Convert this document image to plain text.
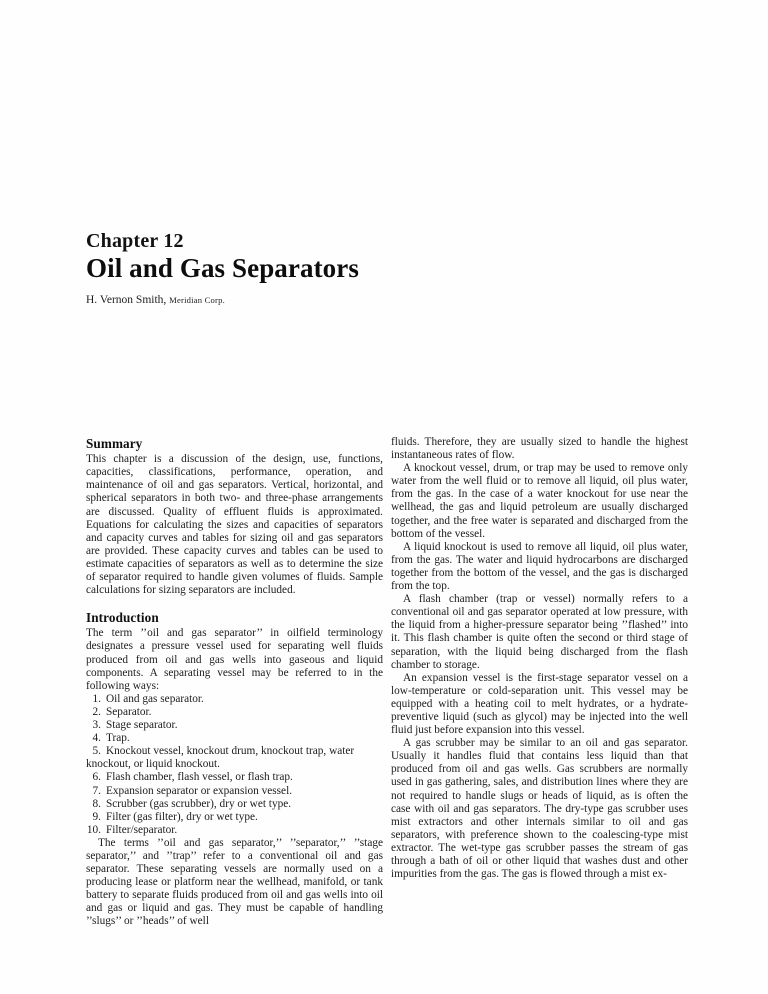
Chapter 12
Oil and Gas Separators
H. Vernon Smith, Meridian Corp.
Summary

This chapter is a discussion of the design, use, functions, capacities, classifications, performance, operation, and maintenance of oil and gas separators. Vertical, horizontal, and spherical separators in both two- and three-phase arrangements are discussed. Quality of effluent fluids is approximated. Equations for calculating the sizes and capacities of separators and capacity curves and tables for sizing oil and gas separators are provided. These capacity curves and tables can be used to estimate capacities of separators as well as to determine the size of separator required to handle given volumes of fluids. Sample calculations for sizing separators are included.

Introduction

The term ’’oil and gas separator’’ in oilfield terminology designates a pressure vessel used for separating well fluids produced from oil and gas wells into gaseous and liquid components. A separating vessel may be referred to in the following ways:

1. Oil and gas separator.
2. Separator.
3. Stage separator.
4. Trap.
5. Knockout vessel, knockout drum, knockout trap, water knockout, or liquid knockout.
6. Flash chamber, flash vessel, or flash trap.
7. Expansion separator or expansion vessel.
8. Scrubber (gas scrubber), dry or wet type.
9. Filter (gas filter), dry or wet type.
10. Filter/separator.

The terms ’’oil and gas separator,’’ ’’separator,’’ ’’stage separator,’’ and ’’trap’’ refer to a conventional oil and gas separator. These separating vessels are normally used on a producing lease or platform near the wellhead, manifold, or tank battery to separate fluids produced from oil and gas wells into oil and gas or liquid and gas. They must be capable of handling ’’slugs’’ or ’’heads’’ of well

fluids. Therefore, they are usually sized to handle the highest instantaneous rates of flow.

A knockout vessel, drum, or trap may be used to remove only water from the well fluid or to remove all liquid, oil plus water, from the gas. In the case of a water knockout for use near the wellhead, the gas and liquid petroleum are usually discharged together, and the free water is separated and discharged from the bottom of the vessel.

A liquid knockout is used to remove all liquid, oil plus water, from the gas. The water and liquid hydrocarbons are discharged together from the bottom of the vessel, and the gas is discharged from the top.

A flash chamber (trap or vessel) normally refers to a conventional oil and gas separator operated at low pressure, with the liquid from a higher-pressure separator being ’’flashed’’ into it. This flash chamber is quite often the second or third stage of separation, with the liquid being discharged from the flash chamber to storage.

An expansion vessel is the first-stage separator vessel on a low-temperature or cold-separation unit. This vessel may be equipped with a heating coil to melt hydrates, or a hydrate-preventive liquid (such as glycol) may be injected into the well fluid just before expansion into this vessel.

A gas scrubber may be similar to an oil and gas separator. Usually it handles fluid that contains less liquid than that produced from oil and gas wells. Gas scrubbers are normally used in gas gathering, sales, and distribution lines where they are not required to handle slugs or heads of liquid, as is often the case with oil and gas separators. The dry-type gas scrubber uses mist extractors and other internals similar to oil and gas separators, with preference shown to the coalescing-type mist extractor. The wet-type gas scrubber passes the stream of gas through a bath of oil or other liquid that washes dust and other impurities from the gas. The gas is flowed through a mist ex-
